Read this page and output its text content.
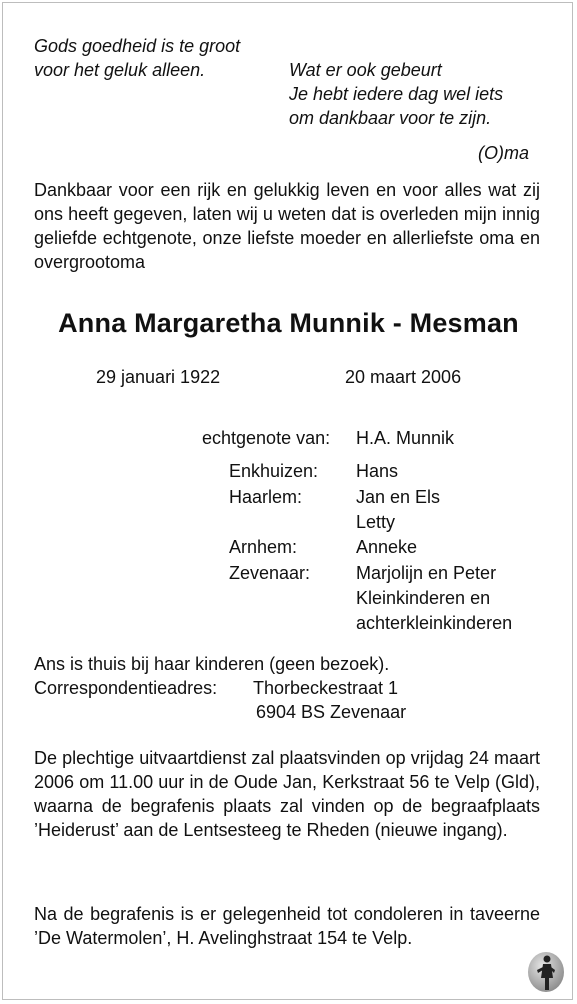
Gods goedheid is te groot
voor het geluk alleen.	Wat er ook gebeurt
Je hebt iedere dag wel iets
om dankbaar voor te zijn.
(O)ma
Dankbaar voor een rijk en gelukkig leven en voor alles wat zij ons heeft gegeven, laten wij u weten dat is overleden mijn innig geliefde echtgenote, onze liefste moeder en allerliefste oma en overgrootoma
Anna Margaretha Munnik - Mesman
29 januari 1922	20 maart 2006
echtgenote van: H.A. Munnik
Enkhuizen: Hans
Haarlem:	Jan en Els
Letty
Arnhem:	Anneke
Zevenaar:	Marjolijn en Peter
Kleinkinderen en
achterkleinkinderen
Ans is thuis bij haar kinderen (geen bezoek).
Correspondentieadres: Thorbeckestraat 1
6904 BS Zevenaar
De plechtige uitvaartdienst zal plaatsvinden op vrijdag 24 maart 2006 om 11.00 uur in de Oude Jan, Kerkstraat 56 te Velp (Gld), waarna de begrafenis plaats zal vinden op de begraafplaats ’Heiderust’ aan de Lentsesteeg te Rheden (nieuwe ingang).
Na de begrafenis is er gelegenheid tot condoleren in taveerne ’De Watermolen’, H. Avelinghstraat 154 te Velp.
